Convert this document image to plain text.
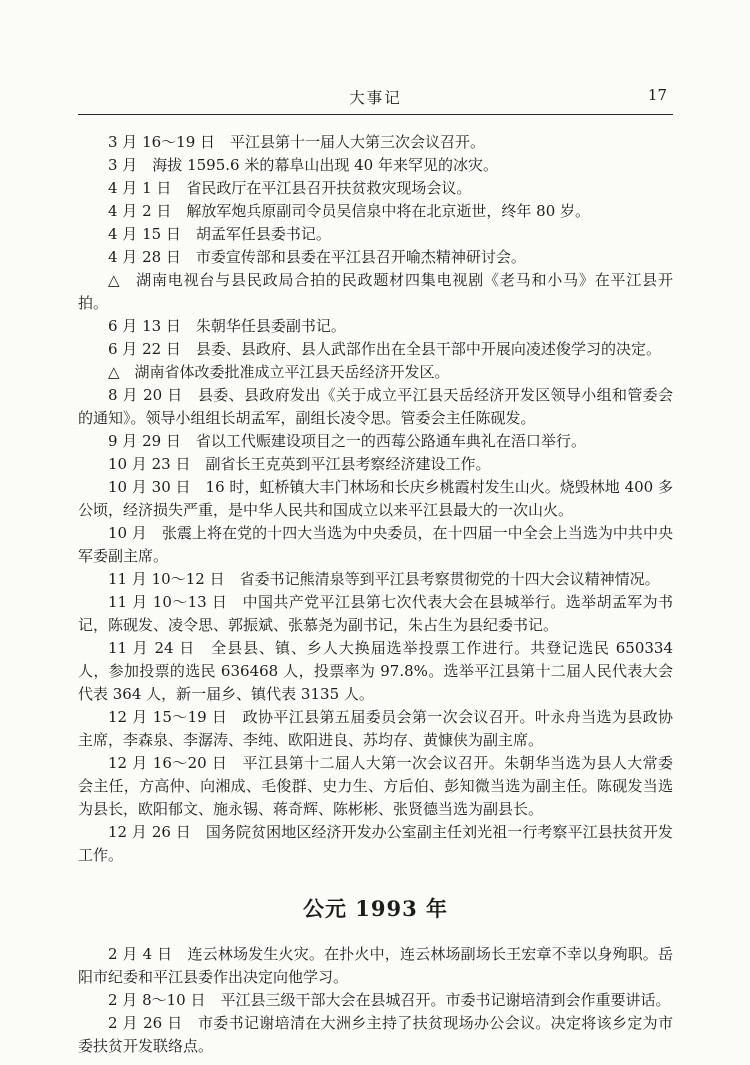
大事记	17

3 月 16～19 日　平江县第十一届人大第三次会议召开。

3 月　海拔 1595.6 米的幕阜山出现 40 年来罕见的冰灾。

4 月 1 日　省民政厅在平江县召开扶贫救灾现场会议。

4 月 2 日　解放军炮兵原副司令员吴信泉中将在北京逝世，终年 80 岁。

4 月 15 日　胡孟军任县委书记。

4 月 28 日　市委宣传部和县委在平江县召开喻杰精神研讨会。

△　湖南电视台与县民政局合拍的民政题材四集电视剧《老马和小马》在平江县开拍。

6 月 13 日　朱朝华任县委副书记。

6 月 22 日　县委、县政府、县人武部作出在全县干部中开展向凌述俊学习的决定。

△　湖南省体改委批准成立平江县天岳经济开发区。

8 月 20 日　县委、县政府发出《关于成立平江县天岳经济开发区领导小组和管委会的通知》。领导小组组长胡孟军，副组长凌令思。管委会主任陈砚发。

9 月 29 日　省以工代赈建设项目之一的西莓公路通车典礼在浯口举行。

10 月 23 日　副省长王克英到平江县考察经济建设工作。

10 月 30 日　16 时，虹桥镇大丰门林场和长庆乡桃霞村发生山火。烧毁林地 400 多公顷，经济损失严重，是中华人民共和国成立以来平江县最大的一次山火。

10 月　张震上将在党的十四大当选为中央委员，在十四届一中全会上当选为中共中央军委副主席。

11 月 10～12 日　省委书记熊清泉等到平江县考察贯彻党的十四大会议精神情况。

11 月 10～13 日　中国共产党平江县第七次代表大会在县城举行。选举胡孟军为书记，陈砚发、凌令思、郭振斌、张慕尧为副书记，朱占生为县纪委书记。

11 月 24 日　全县县、镇、乡人大换届选举投票工作进行。共登记选民 650334 人，参加投票的选民 636468 人，投票率为 97.8%。选举平江县第十二届人民代表大会代表 364 人，新一届乡、镇代表 3135 人。

12 月 15～19 日　政协平江县第五届委员会第一次会议召开。叶永舟当选为县政协主席，李森泉、李潺涛、李纯、欧阳进良、苏均存、黄慷侠为副主席。

12 月 16～20 日　平江县第十二届人大第一次会议召开。朱朝华当选为县人大常委会主任，方高仲、向湘成、毛俊群、史力生、方后伯、彭知微当选为副主任。陈砚发当选为县长，欧阳郁文、施永锡、蒋奇辉、陈彬彬、张贤德当选为副县长。

12 月 26 日　国务院贫困地区经济开发办公室副主任刘光祖一行考察平江县扶贫开发工作。

公元 1993 年

2 月 4 日　连云林场发生火灾。在扑火中，连云林场副场长王宏章不幸以身殉职。岳阳市纪委和平江县委作出决定向他学习。

2 月 8～10 日　平江县三级干部大会在县城召开。市委书记谢培清到会作重要讲话。

2 月 26 日　市委书记谢培清在大洲乡主持了扶贫现场办公会议。决定将该乡定为市委扶贫开发联络点。
